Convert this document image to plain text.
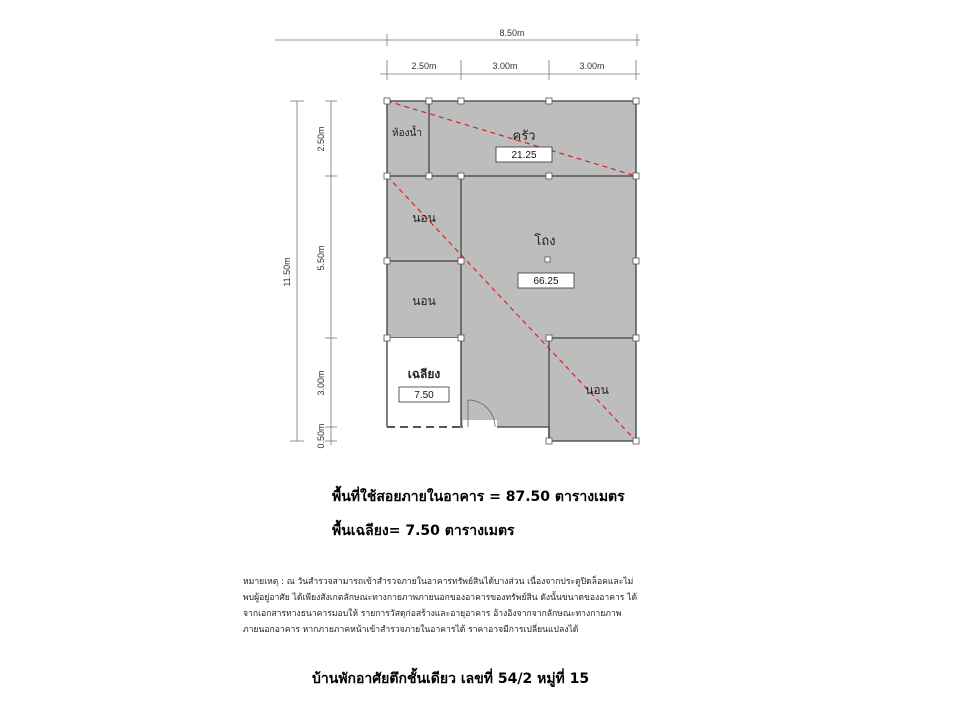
8.50m
2.50m	3.00m	3.00m
11.50m
2.50m
5.50m
3.00m
0.50m
ห้องน้ำ	ครัว
21.25
นอน
นอน
โถง
66.25
นอน
เฉลียง
7.50
พื้นที่ใช้สอยภายในอาคาร = 87.50 ตารางเมตร
พื้นเฉลียง= 7.50 ตารางเมตร
หมายเหตุ : ณ วันสำรวจสามารถเข้าสำรวจภายในอาคารทรัพย์สินได้บางส่วน เนื่องจากประตูปิดล็อคและไม่
พบผู้อยู่อาศัย ได้เพียงสังเกตลักษณะทางกายภาพภายนอกของอาคารของทรัพย์สิน ดังนั้นขนาดของอาคาร ได้
จากเอกสารทางธนาคารมอบให้ รายการวัสดุก่อสร้างและอายุอาคาร อ้างอิงจากจากลักษณะทางกายภาพ
ภายนอกอาคาร หากภายภาคหน้าเข้าสำรวจภายในอาคารได้ ราคาอาจมีการเปลี่ยนแปลงได้
บ้านพักอาศัยตึกชั้นเดียว เลขที่ 54/2 หมู่ที่ 15
